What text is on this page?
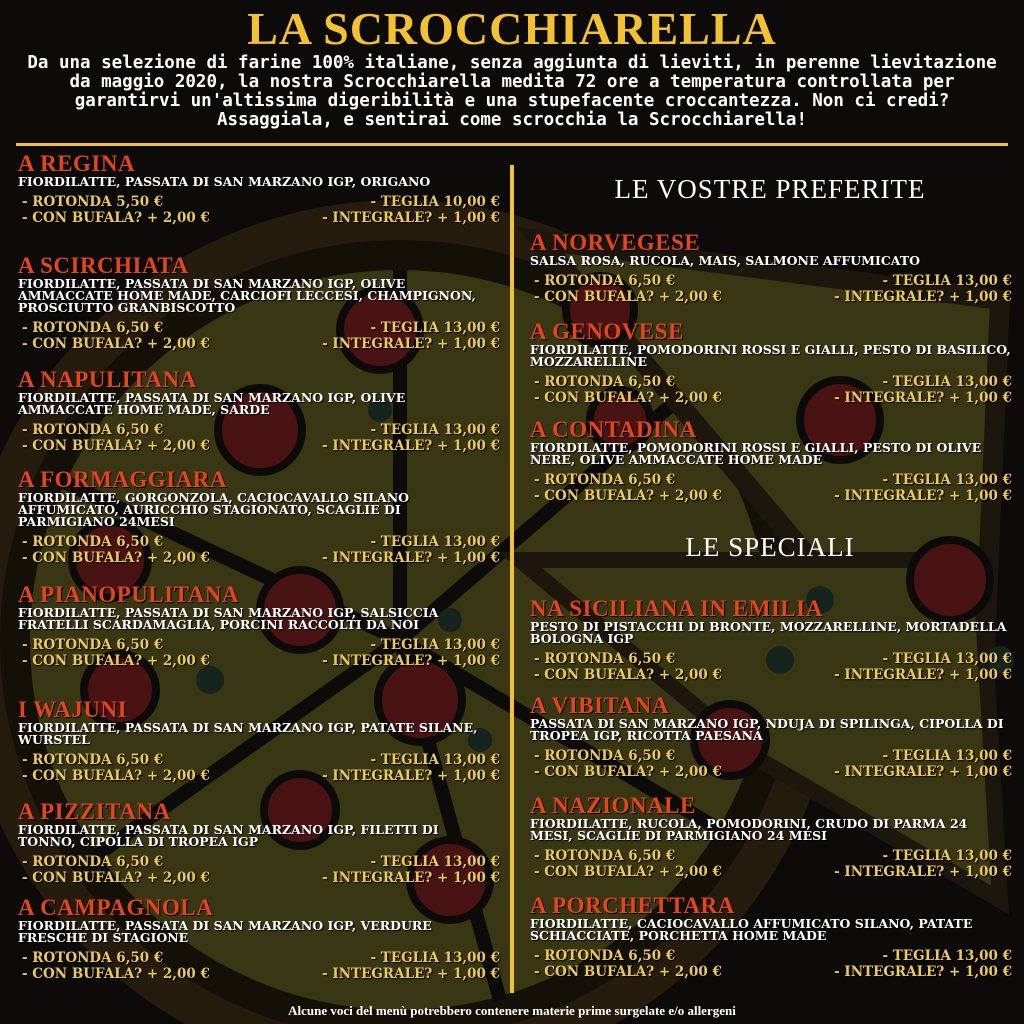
LA SCROCCHIARELLA
Da una selezione di farine 100% italiane, senza aggiunta di lieviti, in perenne lievitazione da maggio 2020, la nostra Scrocchiarella medita 72 ore a temperatura controllata per garantirvi un'altissima digeribilità e una stupefacente croccantezza. Non ci credi? Assaggiala, e sentirai come scrocchia la Scrocchiarella!
LE VOSTRE PREFERITE
LE SPECIALI
A REGINA
FIORDILATTE, PASSATA DI SAN MARZANO IGP, ORIGANO
- ROTONDA 5,50 €	- TEGLIA 10,00 €
- CON BUFALA? + 2,00 €	- INTEGRALE? + 1,00 €
A SCIRCHIATA
FIORDILATTE, PASSATA DI SAN MARZANO IGP, OLIVE AMMACCATE HOME MADE, CARCIOFI LECCESI, CHAMPIGNON, PROSCIUTTO GRANBISCOTTO
- ROTONDA 6,50 €	- TEGLIA 13,00 €
- CON BUFALA? + 2,00 €	- INTEGRALE? + 1,00 €
A NAPULITANA
FIORDILATTE, PASSATA DI SAN MARZANO IGP, OLIVE AMMACCATE HOME MADE, SARDE
- ROTONDA 6,50 €	- TEGLIA 13,00 €
- CON BUFALA? + 2,00 €	- INTEGRALE? + 1,00 €
A FORMAGGIARA
FIORDILATTE, GORGONZOLA, CACIOCAVALLO SILANO AFFUMICATO, AURICCHIO STAGIONATO, SCAGLIE DI PARMIGIANO 24MESI
- ROTONDA 6,50 €	- TEGLIA 13,00 €
- CON BUFALA? + 2,00 €	- INTEGRALE? + 1,00 €
A PIANOPULITANA
FIORDILATTE, PASSATA DI SAN MARZANO IGP, SALSICCIA FRATELLI SCARDAMAGLIA, PORCINI RACCOLTI DA NOI
- ROTONDA 6,50 €	- TEGLIA 13,00 €
- CON BUFALA? + 2,00 €	- INTEGRALE? + 1,00 €
I WAJUNI
FIORDILATTE, PASSATA DI SAN MARZANO IGP, PATATE SILANE, WURSTEL
- ROTONDA 6,50 €	- TEGLIA 13,00 €
- CON BUFALA? + 2,00 €	- INTEGRALE? + 1,00 €
A PIZZITANA
FIORDILATTE, PASSATA DI SAN MARZANO IGP, FILETTI DI TONNO, CIPOLLA DI TROPEA IGP
- ROTONDA 6,50 €	- TEGLIA 13,00 €
- CON BUFALA? + 2,00 €	- INTEGRALE? + 1,00 €
A CAMPAGNOLA
FIORDILATTE, PASSATA DI SAN MARZANO IGP, VERDURE FRESCHE DI STAGIONE
- ROTONDA 6,50 €	- TEGLIA 13,00 €
- CON BUFALA? + 2,00 €	- INTEGRALE? + 1,00 €
A NORVEGESE
SALSA ROSA, RUCOLA, MAIS, SALMONE AFFUMICATO
- ROTONDA 6,50 €	- TEGLIA 13,00 €
- CON BUFALA? + 2,00 €	- INTEGRALE? + 1,00 €
A GENOVESE
FIORDILATTE, POMODORINI ROSSI E GIALLI, PESTO DI BASILICO, MOZZARELLINE
- ROTONDA 6,50 €	- TEGLIA 13,00 €
- CON BUFALA? + 2,00 €	- INTEGRALE? + 1,00 €
A CONTADINA
FIORDILATTE, POMODORINI ROSSI E GIALLI, PESTO DI OLIVE NERE, OLIVE AMMACCATE HOME MADE
- ROTONDA 6,50 €	- TEGLIA 13,00 €
- CON BUFALA? + 2,00 €	- INTEGRALE? + 1,00 €
NA SICILIANA IN EMILIA
PESTO DI PISTACCHI DI BRONTE, MOZZARELLINE, MORTADELLA BOLOGNA IGP
- ROTONDA 6,50 €	- TEGLIA 13,00 €
- CON BUFALA? + 2,00 €	- INTEGRALE? + 1,00 €
A VIBITANA
PASSATA DI SAN MARZANO IGP, NDUJA DI SPILINGA, CIPOLLA DI TROPEA IGP, RICOTTA PAESANA
- ROTONDA 6,50 €	- TEGLIA 13,00 €
- CON BUFALA? + 2,00 €	- INTEGRALE? + 1,00 €
A NAZIONALE
FIORDILATTE, RUCOLA, POMODORINI, CRUDO DI PARMA 24 MESI, SCAGLIE DI PARMIGIANO 24 MESI
- ROTONDA 6,50 €	- TEGLIA 13,00 €
- CON BUFALA? + 2,00 €	- INTEGRALE? + 1,00 €
A PORCHETTARA
FIORDILATTE, CACIOCAVALLO AFFUMICATO SILANO, PATATE SCHIACCIATE, PORCHETTA HOME MADE
- ROTONDA 6,50 €	- TEGLIA 13,00 €
- CON BUFALA? + 2,00 €	- INTEGRALE? + 1,00 €
Alcune voci del menù potrebbero contenere materie prime surgelate e/o allergeni
